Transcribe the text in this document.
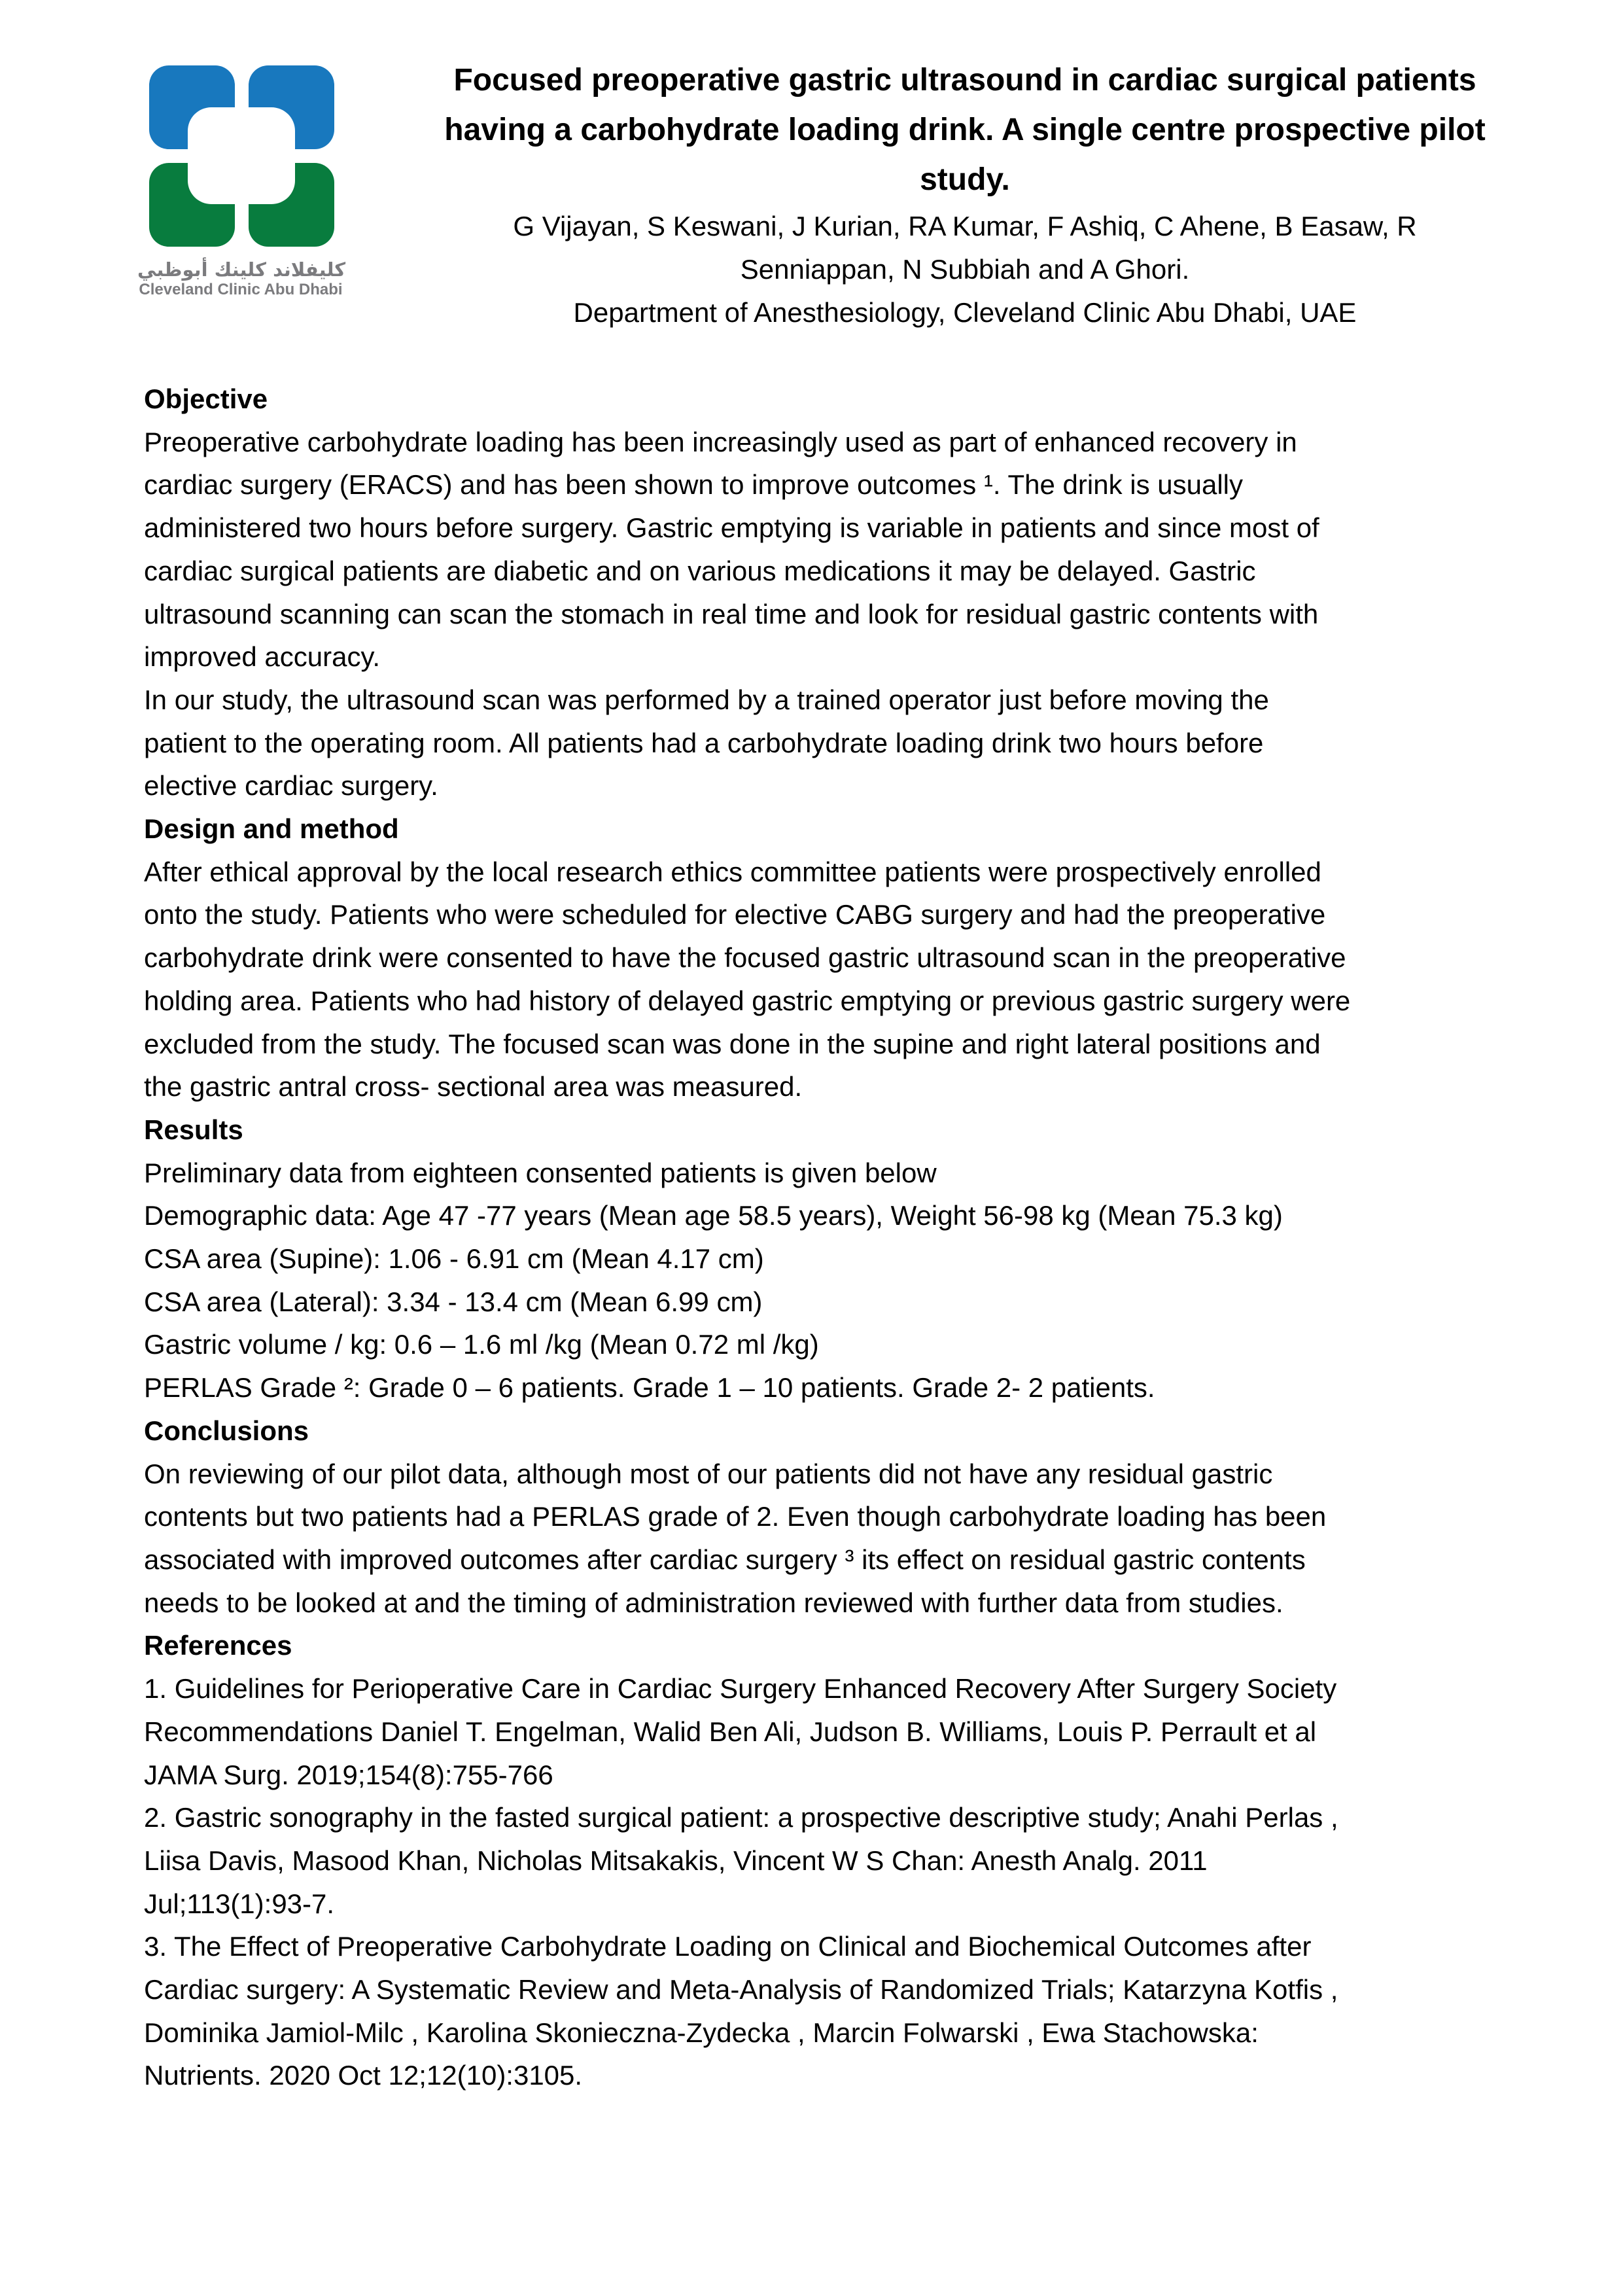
كليفلاند كلينك أبوظبي
Cleveland Clinic Abu Dhabi
Focused preoperative gastric ultrasound in cardiac surgical patients
having a carbohydrate loading drink. A single centre prospective pilot
study.
G Vijayan, S Keswani, J Kurian, RA Kumar, F Ashiq, C Ahene, B Easaw, R
Senniappan, N Subbiah and A Ghori.
Department of Anesthesiology, Cleveland Clinic Abu Dhabi, UAE
Objective
Preoperative carbohydrate loading has been increasingly used as part of enhanced recovery in
cardiac surgery (ERACS) and has been shown to improve outcomes ¹. The drink is usually
administered two hours before surgery. Gastric emptying is variable in patients and since most of
cardiac surgical patients are diabetic and on various medications it may be delayed. Gastric
ultrasound scanning can scan the stomach in real time and look for residual gastric contents with
improved accuracy.
In our study, the ultrasound scan was performed by a trained operator just before moving the
patient to the operating room. All patients had a carbohydrate loading drink two hours before
elective cardiac surgery.
Design and method
After ethical approval by the local research ethics committee patients were prospectively enrolled
onto the study. Patients who were scheduled for elective CABG surgery and had the preoperative
carbohydrate drink were consented to have the focused gastric ultrasound scan in the preoperative
holding area. Patients who had history of delayed gastric emptying or previous gastric surgery were
excluded from the study. The focused scan was done in the supine and right lateral positions and
the gastric antral cross- sectional area was measured.
Results
Preliminary data from eighteen consented patients is given below
Demographic data: Age 47 -77 years (Mean age 58.5 years), Weight 56-98 kg (Mean 75.3 kg)
CSA area (Supine): 1.06 - 6.91 cm (Mean 4.17 cm)
CSA area (Lateral): 3.34 - 13.4 cm (Mean 6.99 cm)
Gastric volume / kg: 0.6 – 1.6 ml /kg (Mean 0.72 ml /kg)
PERLAS Grade ²: Grade 0 – 6 patients. Grade 1 – 10 patients. Grade 2- 2 patients.
Conclusions
On reviewing of our pilot data, although most of our patients did not have any residual gastric
contents but two patients had a PERLAS grade of 2. Even though carbohydrate loading has been
associated with improved outcomes after cardiac surgery ³ its effect on residual gastric contents
needs to be looked at and the timing of administration reviewed with further data from studies.
References
1. Guidelines for Perioperative Care in Cardiac Surgery Enhanced Recovery After Surgery Society
Recommendations Daniel T. Engelman, Walid Ben Ali, Judson B. Williams, Louis P. Perrault et al
JAMA Surg. 2019;154(8):755-766
2. Gastric sonography in the fasted surgical patient: a prospective descriptive study; Anahi Perlas ,
Liisa Davis, Masood Khan, Nicholas Mitsakakis, Vincent W S Chan: Anesth Analg. 2011
Jul;113(1):93-7.
3. The Effect of Preoperative Carbohydrate Loading on Clinical and Biochemical Outcomes after
Cardiac surgery: A Systematic Review and Meta-Analysis of Randomized Trials; Katarzyna Kotfis ,
Dominika Jamiol-Milc , Karolina Skonieczna-Zydecka , Marcin Folwarski , Ewa Stachowska:
Nutrients. 2020 Oct 12;12(10):3105.
